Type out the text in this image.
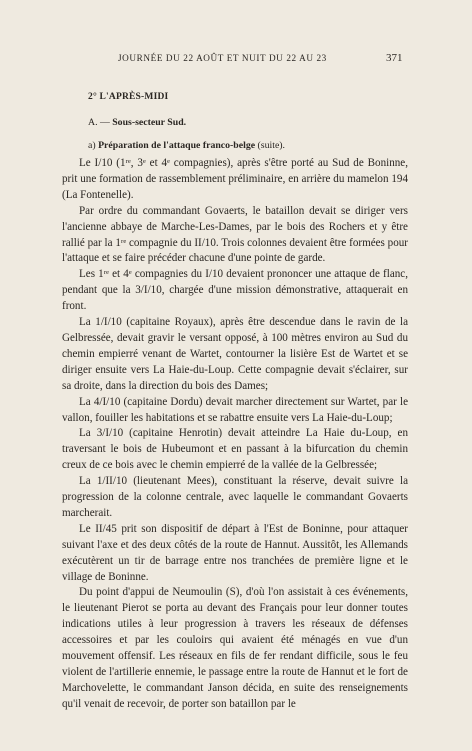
JOURNÉE DU 22 AOÛT ET NUIT DU 22 AU 23	371
2° L'APRÈS-MIDI
A. — Sous-secteur Sud.
a) Préparation de l'attaque franco-belge (suite).

Le I/10 (1ʳᵉ, 3ᵉ et 4ᵉ compagnies), après s'être porté au Sud de Boninne, prit une formation de rassemblement préliminaire, en arrière du mamelon 194 (La Fontenelle).

Par ordre du commandant Govaerts, le bataillon devait se diriger vers l'ancienne abbaye de Marche-Les-Dames, par le bois des Rochers et y être rallié par la 1ʳᵉ compagnie du II/10. Trois colonnes devaient être formées pour l'attaque et se faire précéder chacune d'une pointe de garde.

Les 1ʳᵉ et 4ᵉ compagnies du I/10 devaient prononcer une attaque de flanc, pendant que la 3/I/10, chargée d'une mission démonstrative, attaquerait en front.

La 1/I/10 (capitaine Royaux), après être descendue dans le ravin de la Gelbressée, devait gravir le versant opposé, à 100 mètres environ au Sud du chemin empierré venant de Wartet, contourner la lisière Est de Wartet et se diriger ensuite vers La Haie-du-Loup. Cette compagnie devait s'éclairer, sur sa droite, dans la direction du bois des Dames;

La 4/I/10 (capitaine Dordu) devait marcher directement sur Wartet, par le vallon, fouiller les habitations et se rabattre ensuite vers La Haie-du-Loup;

La 3/I/10 (capitaine Henrotin) devait atteindre La Haie du-Loup, en traversant le bois de Hubeumont et en passant à la bifurcation du chemin creux de ce bois avec le chemin empierré de la vallée de la Gelbressée;

La 1/II/10 (lieutenant Mees), constituant la réserve, devait suivre la progression de la colonne centrale, avec laquelle le commandant Govaerts marcherait.

Le II/45 prit son dispositif de départ à l'Est de Boninne, pour attaquer suivant l'axe et des deux côtés de la route de Hannut. Aussitôt, les Allemands exécutèrent un tir de barrage entre nos tranchées de première ligne et le village de Boninne.

Du point d'appui de Neumoulin (S), d'où l'on assistait à ces événements, le lieutenant Pierot se porta au devant des Français pour leur donner toutes indications utiles à leur progression à travers les réseaux de défenses accessoires et par les couloirs qui avaient été ménagés en vue d'un mouvement offensif. Les réseaux en fils de fer rendant difficile, sous le feu violent de l'artillerie ennemie, le passage entre la route de Hannut et le fort de Marchovelette, le commandant Janson décida, en suite des renseignements qu'il venait de recevoir, de porter son bataillon par le
